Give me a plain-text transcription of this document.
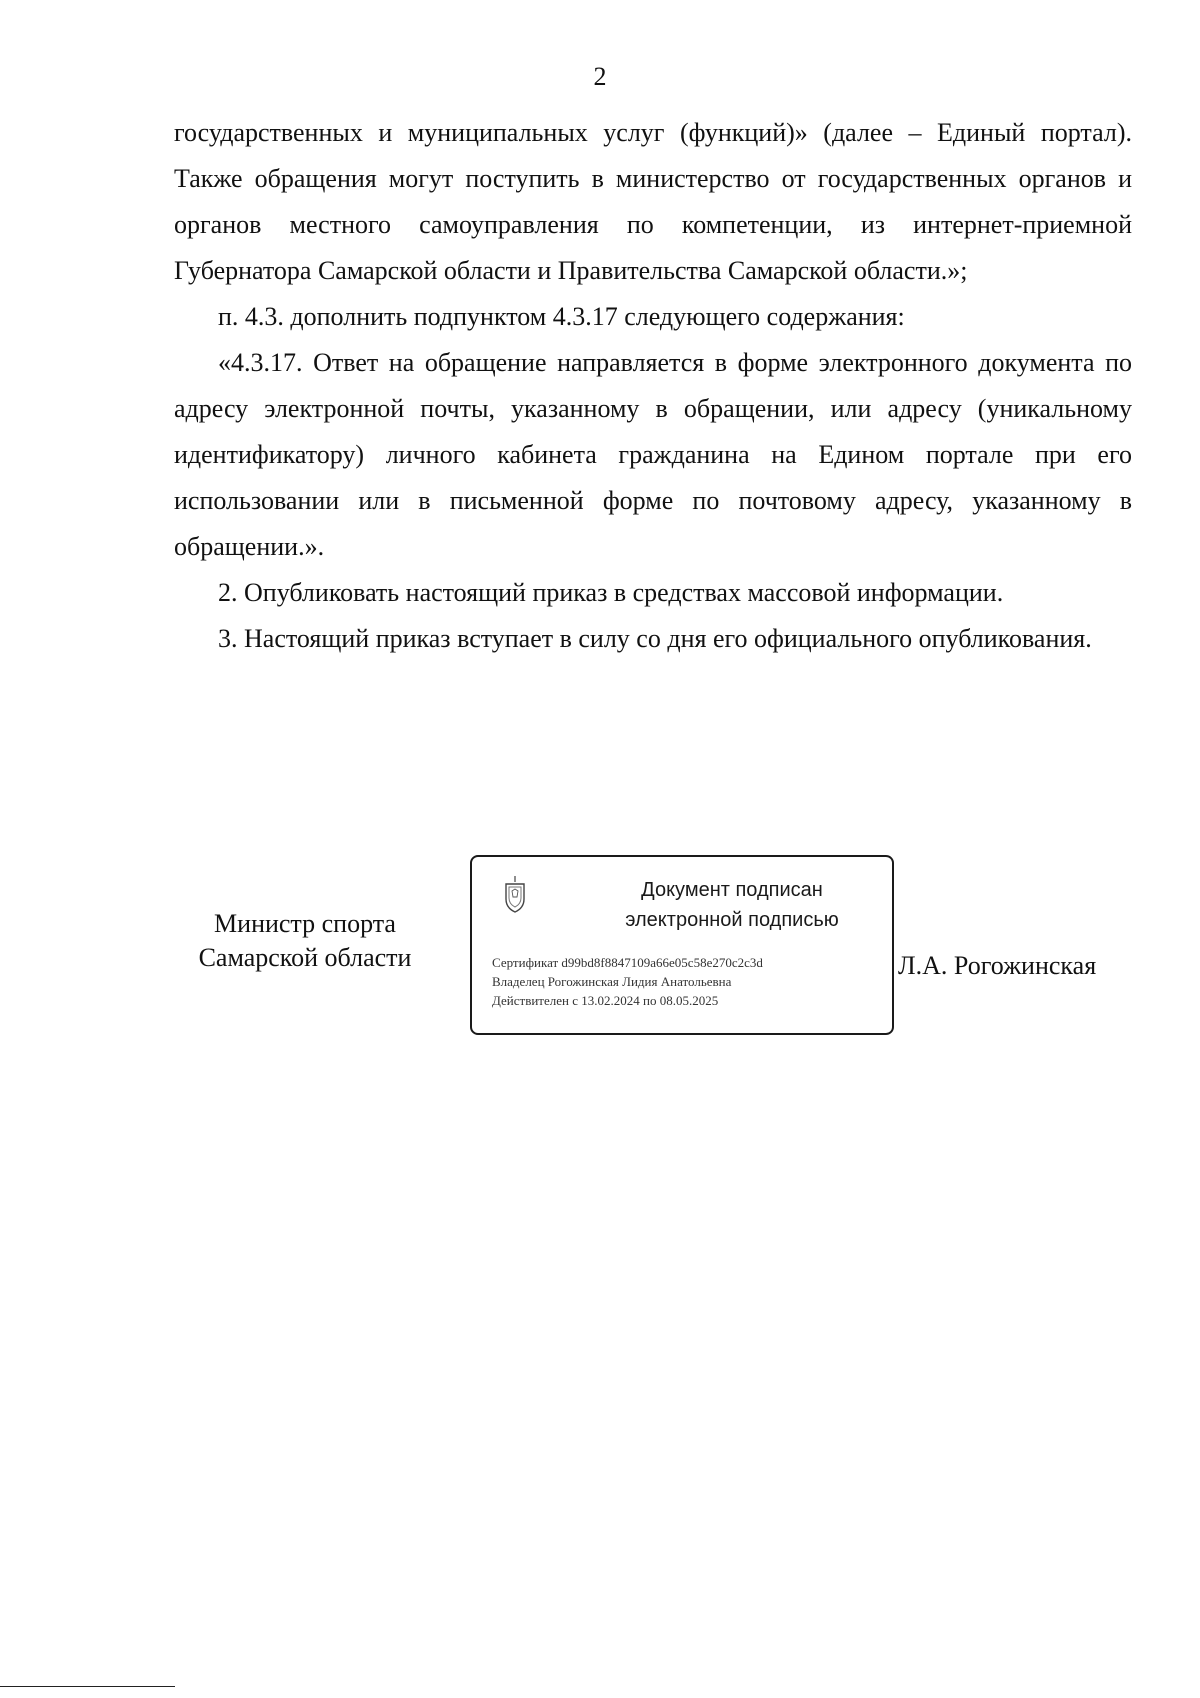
2

государственных и муниципальных услуг (функций)» (далее – Единый портал). Также обращения могут поступить в министерство от государственных органов и органов местного самоуправления по компетенции, из интернет-приемной Губернатора Самарской области и Правительства Самарской области.»;

п. 4.3. дополнить подпунктом 4.3.17 следующего содержания:

«4.3.17. Ответ на обращение направляется в форме электронного документа по адресу электронной почты, указанному в обращении, или адресу (уникальному идентификатору) личного кабинета гражданина на Едином портале при его использовании или в письменной форме по почтовому адресу, указанному в обращении.».

2. Опубликовать настоящий приказ в средствах массовой информации.

3. Настоящий приказ вступает в силу со дня его официального опубликования.

Министр спорта
Самарской области
Документ подписан
электронной подписью
Сертификат d99bd8f8847109a66e05c58e270c2c3d
Владелец Рогожинская Лидия Анатольевна
Действителен с 13.02.2024 по 08.05.2025
Л.А. Рогожинская
